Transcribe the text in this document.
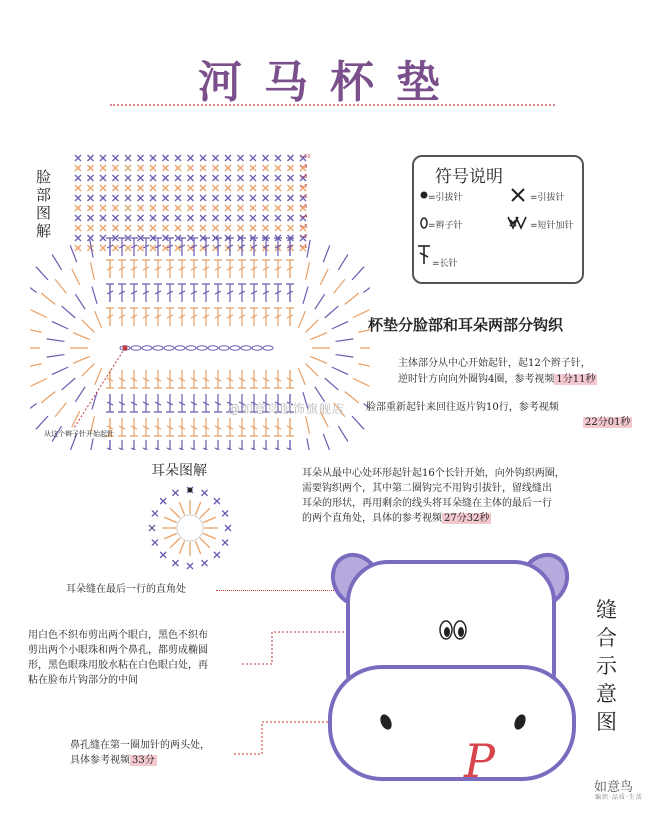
河马杯垫
脸部图解
←10
←9
←8
←7
←6
←5
←4
←3
←2
←1
从这个辫子针开始起针
符号说明
=引拔针	=引拔针
=辫子针	=短针加针
=长针
杯垫分脸部和耳朵两部分钩织
主体部分从中心开始起针，起12个辫子针，
逆时针方向向外圈钩4圈，参考视频 1分11秒
脸部重新起针来回往返片钩10行，参考视频
22分01秒
@如意鸟服饰旗舰店
耳朵图解	耳朵从最中心处环形起针起16个长针开始，向外钩织两圈，
需要钩织两个，其中第二圈钩完不用钩引拔针，留线缝出
耳朵的形状，再用剩余的线头将耳朵缝在主体的最后一行
的两个直角处，具体的参考视频 27分32秒
耳朵缝在最后一行的直角处
用白色不织布剪出两个眼白，黑色不织布
剪出两个小眼珠和两个鼻孔，都剪成椭圆
形，黑色眼珠用胶水粘在白色眼白处，再
粘在脸布片钩部分的中间
鼻孔缝在第一圈加针的两头处，
具体参考视频 33分
缝合示意图
P	如意鸟
编织·品质·生活
